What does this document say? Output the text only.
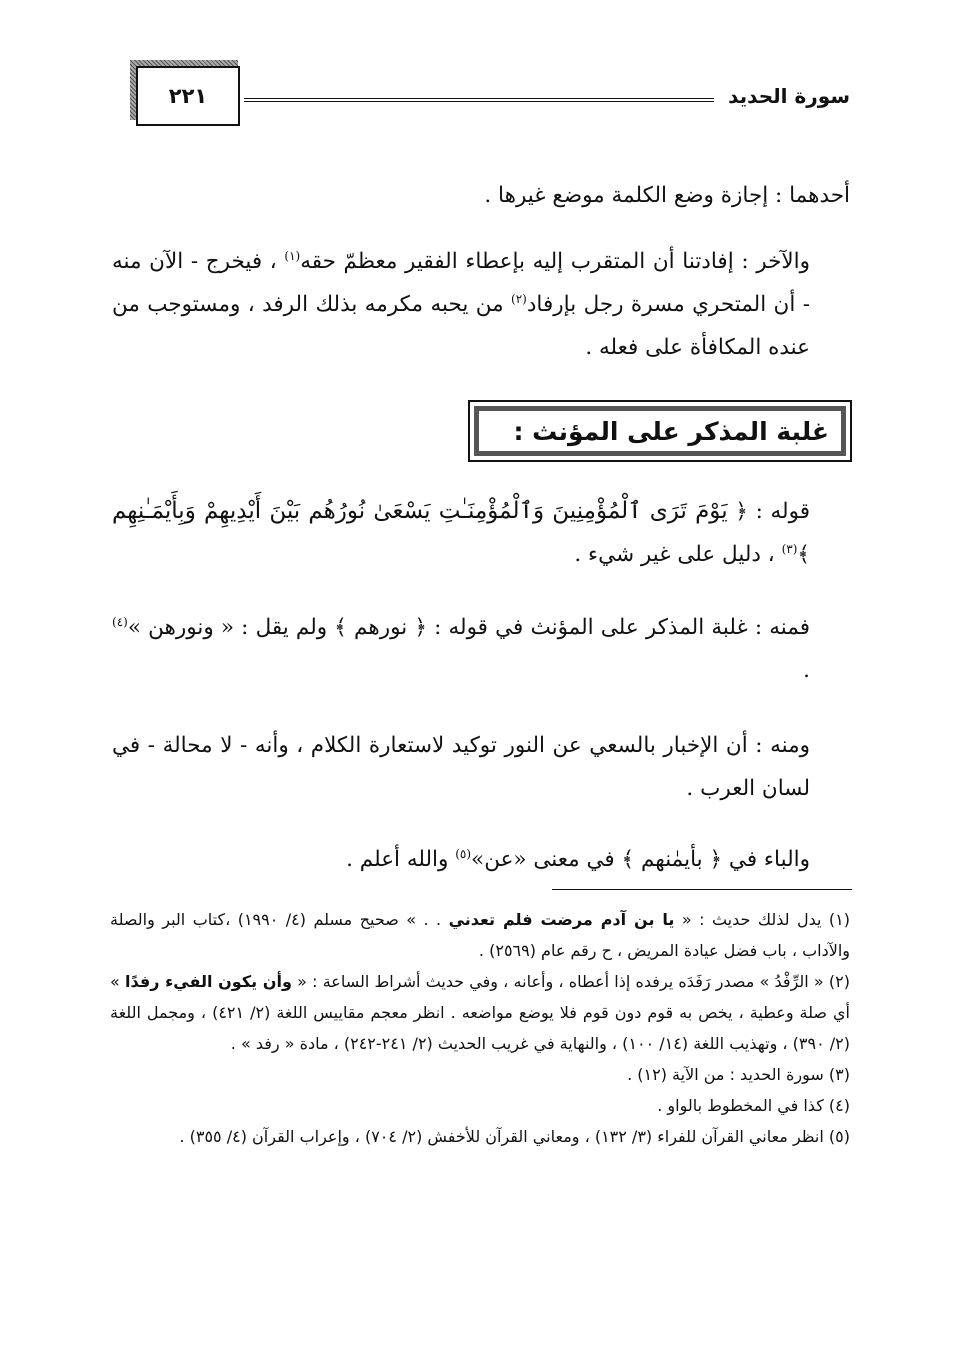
٢٢١	سورة الحديد
أحدهما : إجازة وضع الكلمة موضع غيرها .
والآخر : إفادتنا أن المتقرب إليه بإعطاء الفقير معظمّ حقه$^{(١)}$ ، فيخرج - الآن منه - أن المتحري مسرة رجل بإرفاد$^{(٢)}$ من يحبه مكرمه بذلك الرفد ، ومستوجب من عنده المكافأة على فعله .
غلبة المذكر على المؤنث :
قوله : ﴿ يَوْمَ تَرَى ٱلْمُؤْمِنِينَ وَٱلْمُؤْمِنَـٰتِ يَسْعَىٰ نُورُهُم بَيْنَ أَيْدِيهِمْ وَبِأَيْمَـٰنِهِم ﴾$^{(٣)}$ ، دليل على غير شيء .
فمنه : غلبة المذكر على المؤنث في قوله : ﴿ نورهم ﴾ ولم يقل : « ونورهن »$^{(٤)}$ .
ومنه : أن الإخبار بالسعي عن النور توكيد لاستعارة الكلام ، وأنه - لا محالة - في لسان العرب .
والباء في ﴿ بأيمٰنهم ﴾ في معنى «عن»$^{(٥)}$ والله أعلم .

(١) يدل لذلك حديث : « يا بن آدم مرضت فلم تعدني . . » صحيح مسلم (٤/ ١٩٩٠) ،كتاب البر والصلة والآداب ، باب فضل عيادة المريض ، ح رقم عام (٢٥٦٩) .

(٢) « الرِّفْدُ » مصدر رَفَدَه يرفده إذا أعطاه ، وأعانه ، وفي حديث أشراط الساعة : « وأن يكون الفيء رفدًا » أي صلة وعطية ، يخص به قوم دون قوم فلا يوضع مواضعه . انظر معجم مقاييس اللغة (٢/ ٤٢١) ، ومجمل اللغة (٢/ ٣٩٠) ، وتهذيب اللغة (١٤/ ١٠٠) ، والنهاية في غريب الحديث (٢/ ٢٤١-٢٤٢) ، مادة « رفد » .

(٣) سورة الحديد : من الآية (١٢) .

(٤) كذا في المخطوط بالواو .

(٥) انظر معاني القرآن للفراء (٣/ ١٣٢) ، ومعاني القرآن للأخفش (٢/ ٧٠٤) ، وإعراب القرآن (٤/ ٣٥٥) .
